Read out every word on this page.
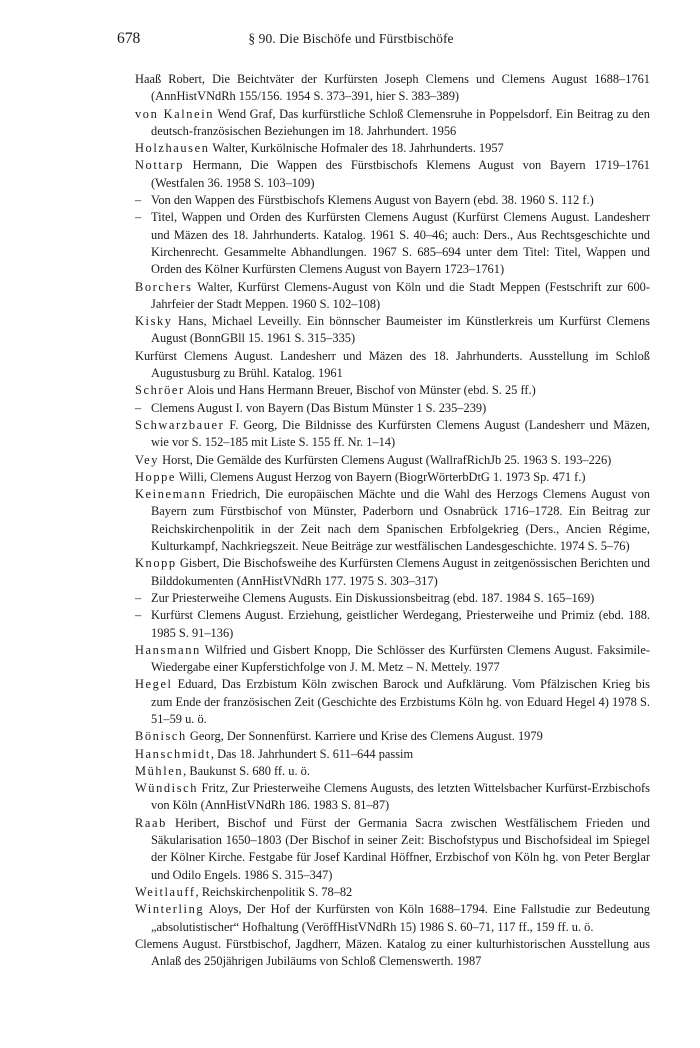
678	§ 90. Die Bischöfe und Fürstbischöfe

Haaß Robert, Die Beichtväter der Kurfürsten Joseph Clemens und Clemens August 1688–1761 (AnnHistVNdRh 155/156. 1954 S. 373–391, hier S. 383–389)

von Kalnein Wend Graf, Das kurfürstliche Schloß Clemensruhe in Poppelsdorf. Ein Beitrag zu den deutsch-französischen Beziehungen im 18. Jahrhundert. 1956

Holzhausen Walter, Kurkölnische Hofmaler des 18. Jahrhunderts. 1957

Nottarp Hermann, Die Wappen des Fürstbischofs Klemens August von Bayern 1719–1761 (Westfalen 36. 1958 S. 103–109)

– Von den Wappen des Fürstbischofs Klemens August von Bayern (ebd. 38. 1960 S. 112 f.)

– Titel, Wappen und Orden des Kurfürsten Clemens August (Kurfürst Clemens August. Landesherr und Mäzen des 18. Jahrhunderts. Katalog. 1961 S. 40–46; auch: Ders., Aus Rechtsgeschichte und Kirchenrecht. Gesammelte Abhandlungen. 1967 S. 685–694 unter dem Titel: Titel, Wappen und Orden des Kölner Kurfürsten Clemens August von Bayern 1723–1761)

Borchers Walter, Kurfürst Clemens-August von Köln und die Stadt Meppen (Festschrift zur 600-Jahrfeier der Stadt Meppen. 1960 S. 102–108)

Kisky Hans, Michael Leveilly. Ein bönnscher Baumeister im Künstlerkreis um Kurfürst Clemens August (BonnGBll 15. 1961 S. 315–335)

Kurfürst Clemens August. Landesherr und Mäzen des 18. Jahrhunderts. Ausstellung im Schloß Augustusburg zu Brühl. Katalog. 1961

Schröer Alois und Hans Hermann Breuer, Bischof von Münster (ebd. S. 25 ff.)

– Clemens August I. von Bayern (Das Bistum Münster 1 S. 235–239)

Schwarzbauer F. Georg, Die Bildnisse des Kurfürsten Clemens August (Landesherr und Mäzen, wie vor S. 152–185 mit Liste S. 155 ff. Nr. 1–14)

Vey Horst, Die Gemälde des Kurfürsten Clemens August (WallrafRichJb 25. 1963 S. 193–226)

Hoppe Willi, Clemens August Herzog von Bayern (BiogrWörterbDtG 1. 1973 Sp. 471 f.)

Keinemann Friedrich, Die europäischen Mächte und die Wahl des Herzogs Clemens August von Bayern zum Fürstbischof von Münster, Paderborn und Osnabrück 1716–1728. Ein Beitrag zur Reichskirchenpolitik in der Zeit nach dem Spanischen Erbfolgekrieg (Ders., Ancien Régime, Kulturkampf, Nachkriegszeit. Neue Beiträge zur westfälischen Landesgeschichte. 1974 S. 5–76)

Knopp Gisbert, Die Bischofsweihe des Kurfürsten Clemens August in zeitgenössischen Berichten und Bilddokumenten (AnnHistVNdRh 177. 1975 S. 303–317)

– Zur Priesterweihe Clemens Augusts. Ein Diskussionsbeitrag (ebd. 187. 1984 S. 165–169)

– Kurfürst Clemens August. Erziehung, geistlicher Werdegang, Priesterweihe und Primiz (ebd. 188. 1985 S. 91–136)

Hansmann Wilfried und Gisbert Knopp, Die Schlösser des Kurfürsten Clemens August. Faksimile-Wiedergabe einer Kupferstichfolge von J. M. Metz – N. Mettely. 1977

Hegel Eduard, Das Erzbistum Köln zwischen Barock und Aufklärung. Vom Pfälzischen Krieg bis zum Ende der französischen Zeit (Geschichte des Erzbistums Köln hg. von Eduard Hegel 4) 1978 S. 51–59 u. ö.

Bönisch Georg, Der Sonnenfürst. Karriere und Krise des Clemens August. 1979

Hanschmidt, Das 18. Jahrhundert S. 611–644 passim

Mühlen, Baukunst S. 680 ff. u. ö.

Wündisch Fritz, Zur Priesterweihe Clemens Augusts, des letzten Wittelsbacher Kurfürst-Erzbischofs von Köln (AnnHistVNdRh 186. 1983 S. 81–87)

Raab Heribert, Bischof und Fürst der Germania Sacra zwischen Westfälischem Frieden und Säkularisation 1650–1803 (Der Bischof in seiner Zeit: Bischofstypus und Bischofsideal im Spiegel der Kölner Kirche. Festgabe für Josef Kardinal Höffner, Erzbischof von Köln hg. von Peter Berglar und Odilo Engels. 1986 S. 315–347)

Weitlauff, Reichskirchenpolitik S. 78–82

Winterling Aloys, Der Hof der Kurfürsten von Köln 1688–1794. Eine Fallstudie zur Bedeutung „absolutistischer“ Hofhaltung (VeröffHistVNdRh 15) 1986 S. 60–71, 117 ff., 159 ff. u. ö.

Clemens August. Fürstbischof, Jagdherr, Mäzen. Katalog zu einer kulturhistorischen Ausstellung aus Anlaß des 250jährigen Jubiläums von Schloß Clemenswerth. 1987
